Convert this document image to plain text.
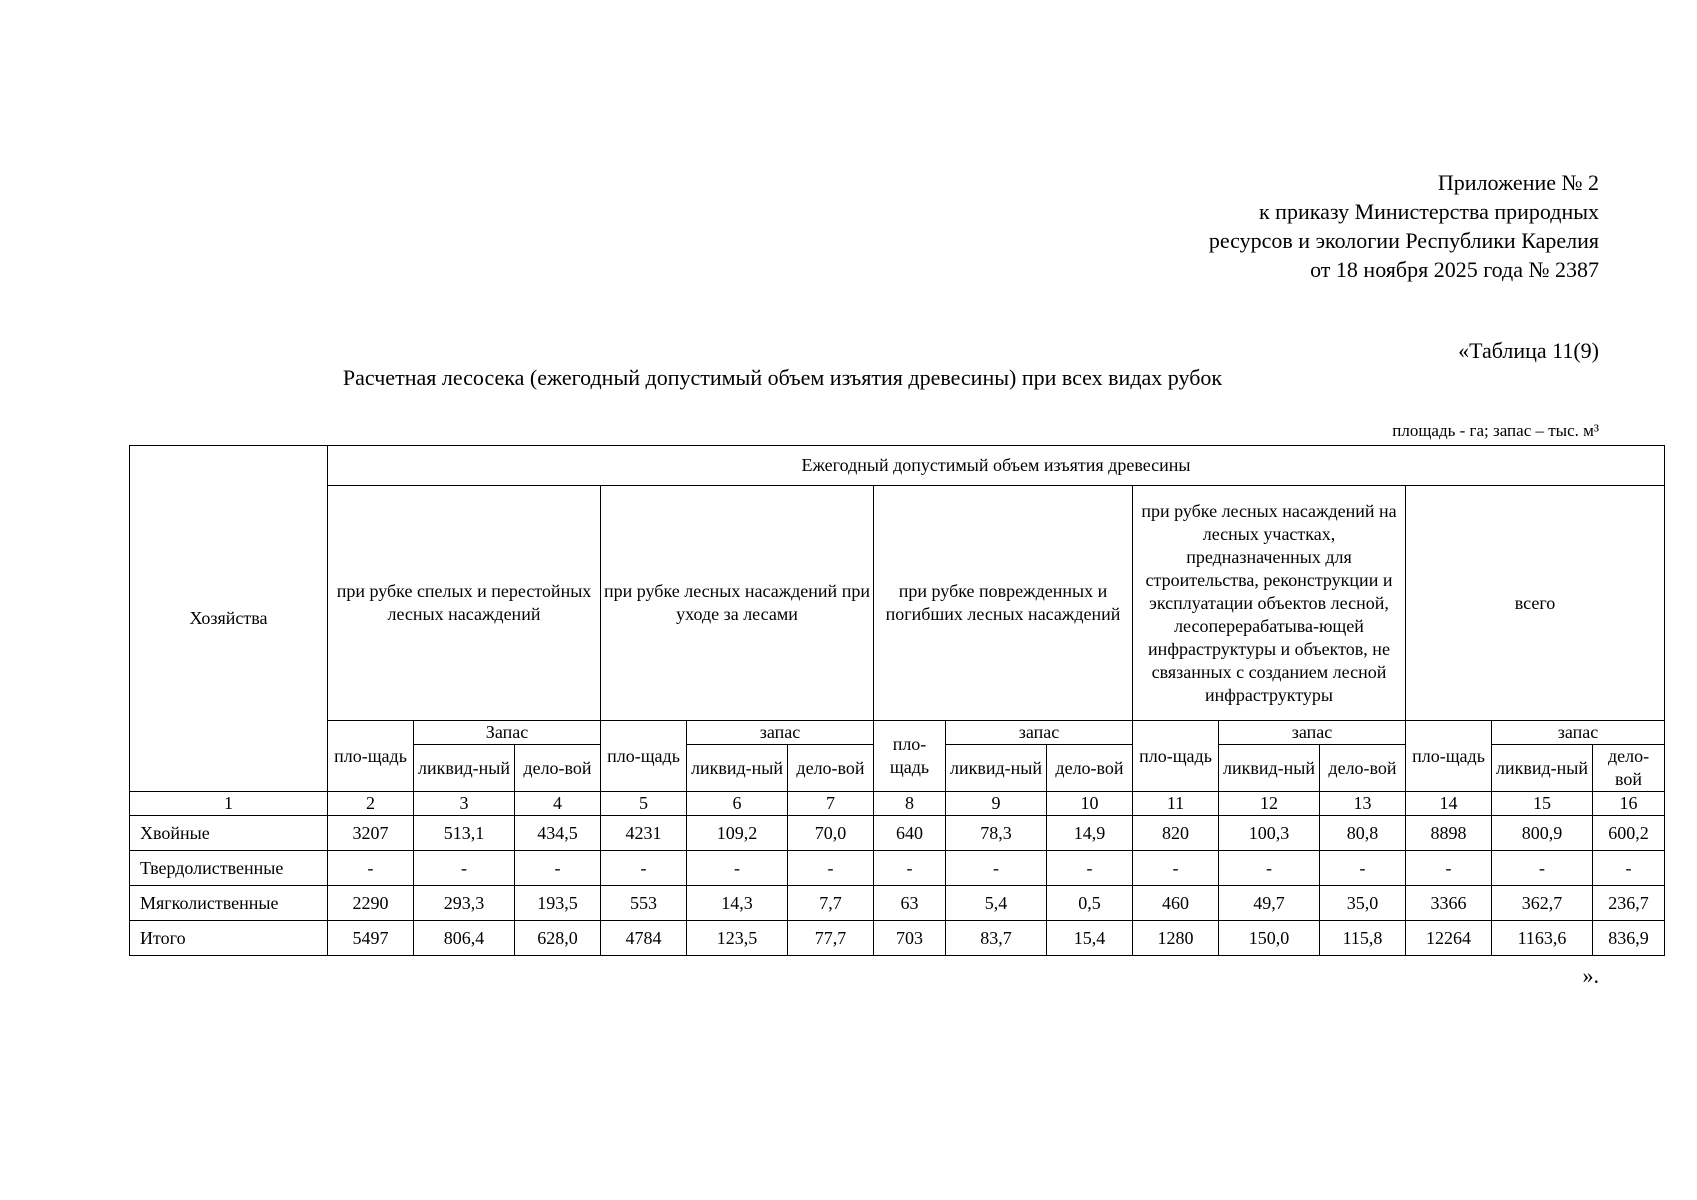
Приложение № 2
к приказу Министерства природных
ресурсов и экологии Республики Карелия
от 18 ноября 2025 года № 2387
«Таблица 11(9)
Расчетная лесосека (ежегодный допустимый объем изъятия древесины) при всех видах рубок
площадь - га; запас – тыс. м³
Хозяйства	Ежегодный допустимый объем изъятия древесины														
	при рубке спелых и перестойных лесных насаждений			при рубке лесных насаждений при уходе за лесами			при рубке поврежденных и погибших лесных насаждений			при рубке лесных насаждений на лесных участках, предназначенных для строительства, реконструкции и эксплуатации объектов лесной, лесоперерабатыва-ющей инфраструктуры и объектов, не связанных с созданием лесной инфраструктуры			всего		
	пло-щадь	Запас		пло-щадь	запас		пло-щадь	запас		пло-щадь	запас		пло-щадь	запас	
		ликвид-ный	дело-вой		ликвид-ный	дело-вой		ликвид-ный	дело-вой		ликвид-ный	дело-вой		ликвид-ный	дело-вой
1	2	3	4	5	6	7	8	9	10	11	12	13	14	15	16
Хвойные	3207	513,1	434,5	4231	109,2	70,0	640	78,3	14,9	820	100,3	80,8	8898	800,9	600,2
Твердолиственные	-	-	-	-	-	-	-	-	-	-	-	-	-	-	-
Мягколиственные	2290	293,3	193,5	553	14,3	7,7	63	5,4	0,5	460	49,7	35,0	3366	362,7	236,7
Итого	5497	806,4	628,0	4784	123,5	77,7	703	83,7	15,4	1280	150,0	115,8	12264	1163,6	836,9
».
